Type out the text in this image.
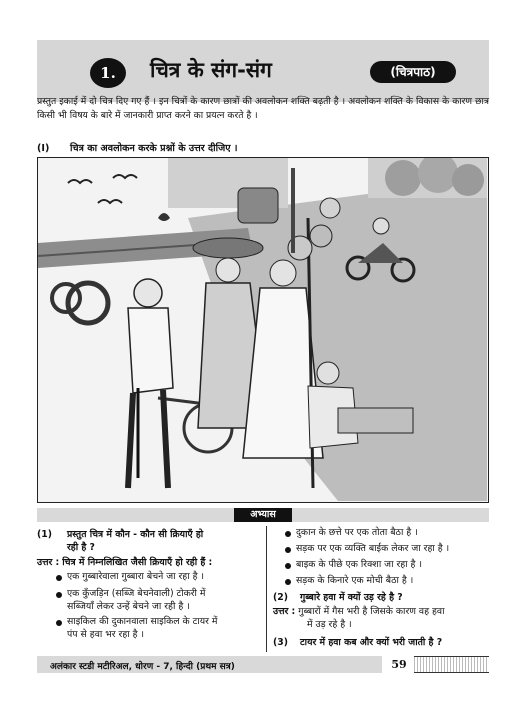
1.	चित्र के संग-संग	(चित्रपाठ)
प्रस्तुत इकाई में दो चित्र दिए गए हैं । इन चित्रों के कारण छात्रों की अवलोकन शक्ति बढ़ती है । अवलोकन शक्ति के विकास के कारण छात्र किसी भी विषय के बारे में जानकारी प्राप्त करने का प्रयत्न करते है ।
(I) चित्र का अवलोकन करके प्रश्नों के उत्तर दीजिए ।
अभ्यास
(1) प्रस्तुत चित्र में कौन - कौन सी क्रियाएँ हो
रही है ?
उत्तर : चित्र में निम्नलिखित जैसी क्रियाएँ हो रही हैं :
एक गुब्बारेवाला गुब्बारा बेचने जा रहा है ।
एक कुँजड़िन (सब्जि बेचनेवाली) टोकरी में
सब्जियाँ लेकर उन्हें बेचने जा रही है ।
साइकिल की दुकानवाला साइकिल के टायर में
पंप से हवा भर रहा है ।
दुकान के छत्ते पर एक तोता बैठा है ।
सड़क पर एक व्यक्ति बाईक लेकर जा रहा है ।
बाइक के पीछे एक रिक्शा जा रहा है ।
सड़क के किनारे एक मोची बैठा है ।
(2) गुब्बारे हवा में क्यों उड़ रहे है ?
उत्तर : गुब्बारों में गैस भरी है जिसके कारण वह हवा
में उड़ रहे है ।
(3) टायर में हवा कब और क्यों भरी जाती है ?
अलंकार स्टडी मटीरिअल, धोरण - 7, हिन्दी (प्रथम सत्र)	59
